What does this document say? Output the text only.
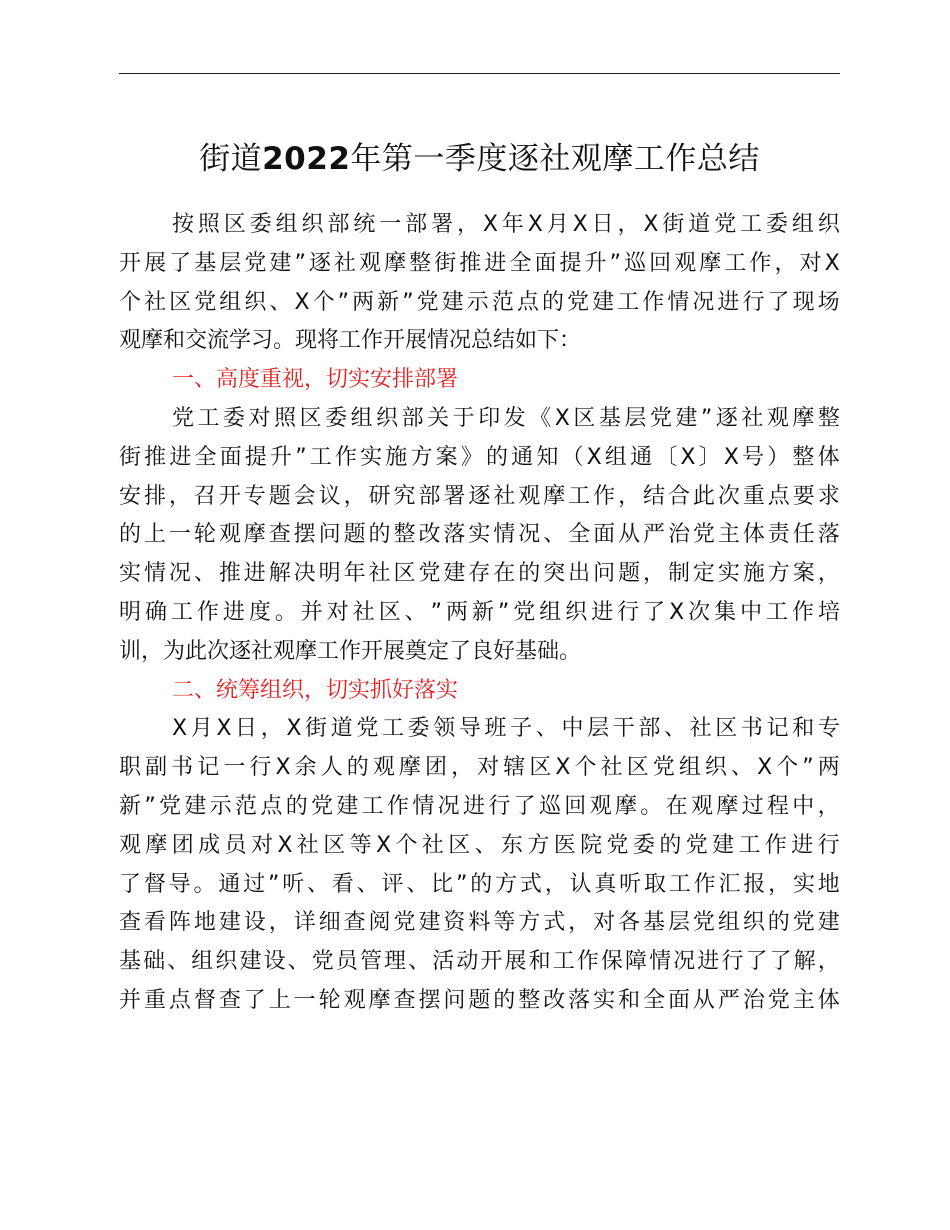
街道2022年第一季度逐社观摩工作总结
按 照 区 委 组 织 部 统 一 部 署 ， X 年 X 月 X 日 ， X 街 道 党 工 委 组 织
开 展 了 基 层 党 建 ” 逐 社 观 摩 整 街 推 进 全 面 提 升 ” 巡 回 观 摩 工 作 ， 对 X
个 社 区 党 组 织 、 X 个 ” 两 新 ” 党 建 示 范 点 的 党 建 工 作 情 况 进 行 了 现 场
观摩和交流学习。现将工作开展情况总结如下：
一、高度重视，切实安排部署
党 工 委 对 照 区 委 组 织 部 关 于 印 发 《 X 区 基 层 党 建 ” 逐 社 观 摩 整
街 推 进 全 面 提 升 ” 工 作 实 施 方 案 》 的 通 知 （ X 组 通 〔 X 〕 X 号 ） 整 体
安 排 ， 召 开 专 题 会 议 ， 研 究 部 署 逐 社 观 摩 工 作 ， 结 合 此 次 重 点 要 求
的 上 一 轮 观 摩 查 摆 问 题 的 整 改 落 实 情 况 、 全 面 从 严 治 党 主 体 责 任 落
实 情 况 、 推 进 解 决 明 年 社 区 党 建 存 在 的 突 出 问 题 ， 制 定 实 施 方 案 ，
明 确 工 作 进 度 。 并 对 社 区 、 ” 两 新 ” 党 组 织 进 行 了 X 次 集 中 工 作 培
训，为此次逐社观摩工作开展奠定了良好基础。
二、统筹组织，切实抓好落实
X 月 X 日 ， X 街 道 党 工 委 领 导 班 子 、 中 层 干 部 、 社 区 书 记 和 专
职 副 书 记 一 行 X 余 人 的 观 摩 团 ， 对 辖 区 X 个 社 区 党 组 织 、 X 个 ” 两
新 ” 党 建 示 范 点 的 党 建 工 作 情 况 进 行 了 巡 回 观 摩 。 在 观 摩 过 程 中 ，
观 摩 团 成 员 对 X 社 区 等 X 个 社 区 、 东 方 医 院 党 委 的 党 建 工 作 进 行
了 督 导 。 通 过 ” 听 、 看 、 评 、 比 ” 的 方 式 ， 认 真 听 取 工 作 汇 报 ， 实 地
查 看 阵 地 建 设 ， 详 细 查 阅 党 建 资 料 等 方 式 ， 对 各 基 层 党 组 织 的 党 建
基 础 、 组 织 建 设 、 党 员 管 理 、 活 动 开 展 和 工 作 保 障 情 况 进 行 了 了 解 ，
并 重 点 督 查 了 上 一 轮 观 摩 查 摆 问 题 的 整 改 落 实 和 全 面 从 严 治 党 主 体
